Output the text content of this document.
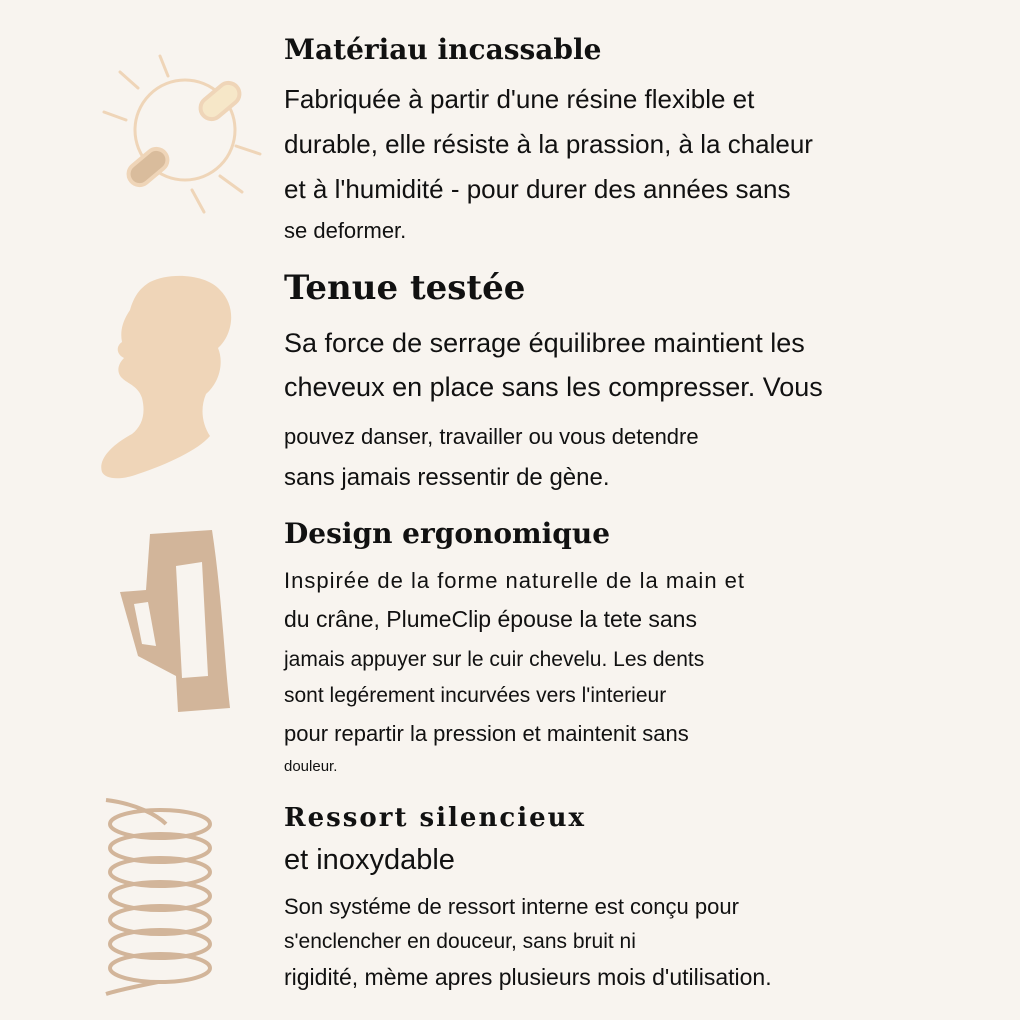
Matériau incassable
Fabriquée à partir d'une résine flexible et
durable, elle résiste à la prassion, à la chaleur
et à l'humidité - pour durer des années sans
se deformer.
Tenue testée
Sa force de serrage équilibree maintient les
cheveux en place sans les compresser. Vous
pouvez danser, travailler ou vous detendre
sans jamais ressentir de gène.
Design ergonomique
Inspirée de la forme naturelle de la main et
du crâne, PlumeClip épouse la tete sans
jamais appuyer sur le cuir chevelu. Les dents
sont legérement incurvées vers l'interieur
pour repartir la pression et maintenit sans
douleur.
Ressort silencieux
et inoxydable
Son systéme de ressort interne est conçu pour
s'enclencher en douceur, sans bruit ni
rigidité, mème apres plusieurs mois d'utilisation.
